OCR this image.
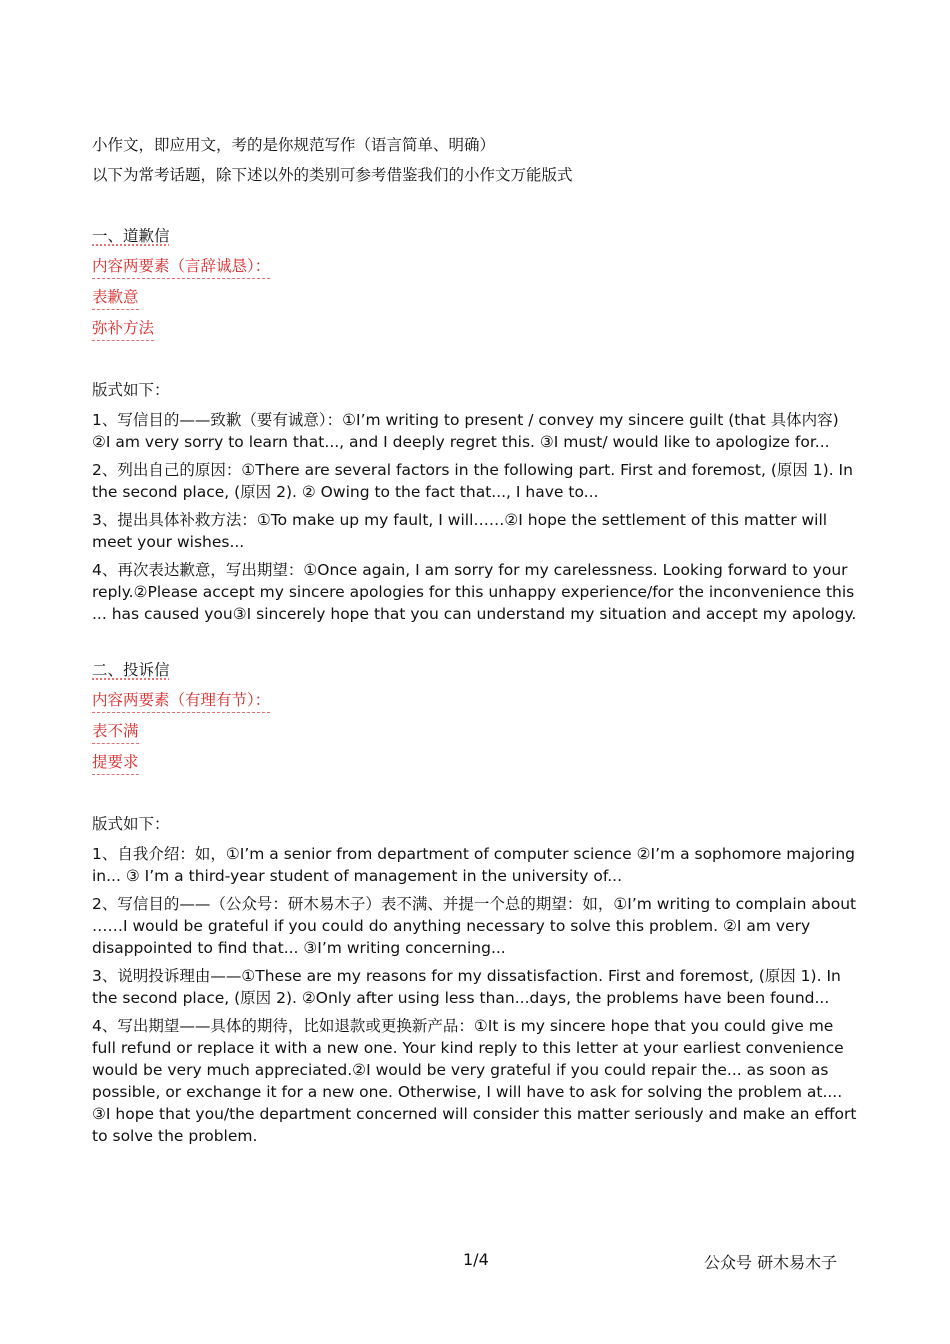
小作文，即应用文，考的是你规范写作（语言简单、明确）

以下为常考话题，除下述以外的类别可参考借鉴我们的小作文万能版式

一、道歉信

内容两要素（言辞诚恳）：

表歉意

弥补方法

版式如下：

1、写信目的——致歉（要有诚意）：①I’m writing to present / convey my sincere guilt (that 具体内容) ②I am very sorry to learn that..., and I deeply regret this. ③I must/ would like to apologize for...

2、列出自己的原因：①There are several factors in the following part. First and foremost, (原因 1). In the second place, (原因 2). ② Owing to the fact that..., I have to...

3、提出具体补救方法：①To make up my fault, I will……②I hope the settlement of this matter will meet your wishes...

4、再次表达歉意，写出期望：①Once again, I am sorry for my carelessness. Looking forward to your reply.②Please accept my sincere apologies for this unhappy experience/for the inconvenience this ... has caused you③I sincerely hope that you can understand my situation and accept my apology.

二、投诉信

内容两要素（有理有节）：

表不满

提要求

版式如下：

1、自我介绍：如，①I’m a senior from department of computer science ②I’m a sophomore majoring in... ③ I’m a third-year student of management in the university of...

2、写信目的——（公众号：研木易木子）表不满、并提一个总的期望：如，①I’m writing to complain about ……I would be grateful if you could do anything necessary to solve this problem. ②I am very disappointed to find that... ③I’m writing concerning...

3、说明投诉理由——①These are my reasons for my dissatisfaction. First and foremost, (原因 1). In the second place, (原因 2). ②Only after using less than...days, the problems have been found...

4、写出期望——具体的期待，比如退款或更换新产品：①It is my sincere hope that you could give me full refund or replace it with a new one. Your kind reply to this letter at your earliest convenience would be very much appreciated.②I would be very grateful if you could repair the... as soon as possible, or exchange it for a new one. Otherwise, I will have to ask for solving the problem at.... ③I hope that you/the department concerned will consider this matter seriously and make an effort to solve the problem.

1/4	公众号 研木易木子
